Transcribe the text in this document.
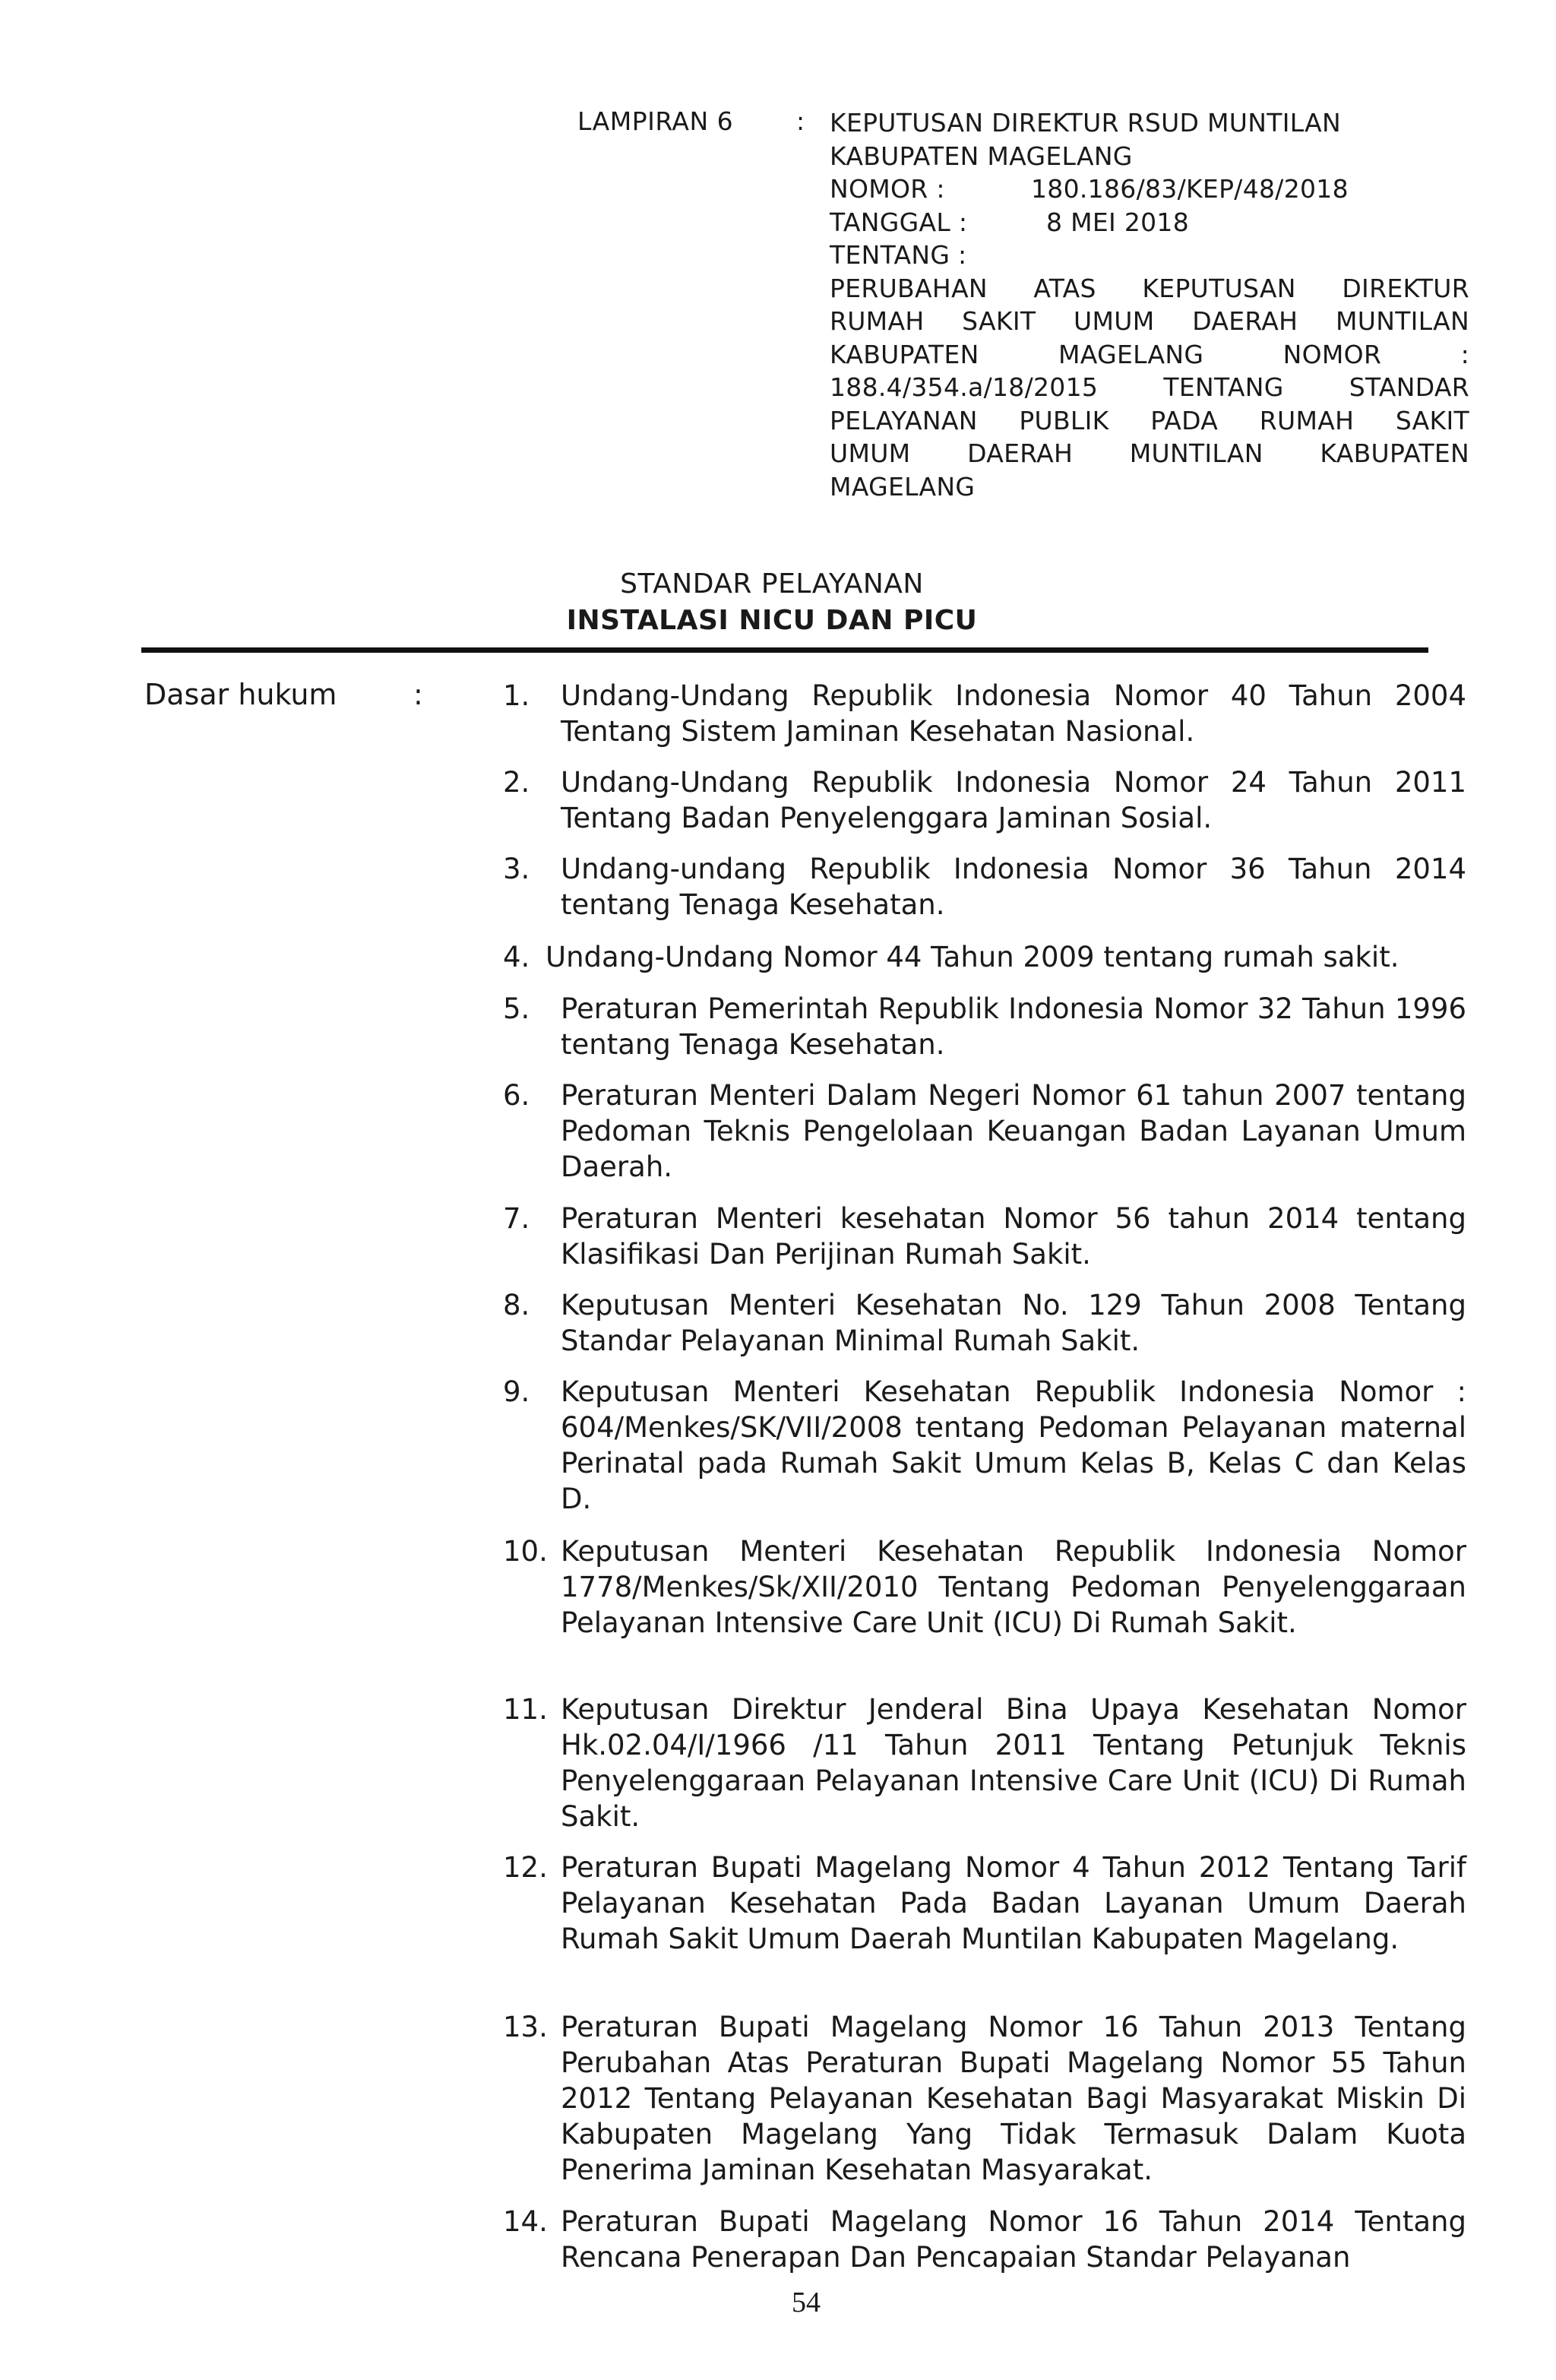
LAMPIRAN 6	: KEPUTUSAN DIREKTUR RSUD MUNTILAN
KABUPATEN MAGELANG
NOMOR :	180.186/83/KEP/48/2018
TANGGAL :	8 MEI 2018
TENTANG :
PERUBAHAN ATAS KEPUTUSAN DIREKTUR
RUMAH SAKIT UMUM DAERAH MUNTILAN
KABUPATEN MAGELANG NOMOR :
188.4/354.a/18/2015 TENTANG STANDAR
PELAYANAN PUBLIK PADA RUMAH SAKIT
UMUM DAERAH MUNTILAN KABUPATEN
MAGELANG
STANDAR PELAYANAN
INSTALASI NICU DAN PICU
Dasar hukum	:	1. Undang-Undang Republik Indonesia Nomor 40 Tahun 2004 Tentang Sistem Jaminan Kesehatan Nasional.
2. Undang-Undang Republik Indonesia Nomor 24 Tahun 2011 Tentang Badan Penyelenggara Jaminan Sosial.
3. Undang-undang Republik Indonesia Nomor 36 Tahun 2014 tentang Tenaga Kesehatan.
4. Undang-Undang Nomor 44 Tahun 2009 tentang rumah sakit.
5. Peraturan Pemerintah Republik Indonesia Nomor 32 Tahun 1996 tentang Tenaga Kesehatan.
6. Peraturan Menteri Dalam Negeri Nomor 61 tahun 2007 tentang Pedoman Teknis Pengelolaan Keuangan Badan Layanan Umum Daerah.
7. Peraturan Menteri kesehatan Nomor 56 tahun 2014 tentang Klasifikasi Dan Perijinan Rumah Sakit.
8. Keputusan Menteri Kesehatan No. 129 Tahun 2008 Tentang Standar Pelayanan Minimal Rumah Sakit.
9. Keputusan Menteri Kesehatan Republik Indonesia Nomor : 604/Menkes/SK/VII/2008 tentang Pedoman Pelayanan maternal Perinatal pada Rumah Sakit Umum Kelas B, Kelas C dan Kelas D.
10. Keputusan Menteri Kesehatan Republik Indonesia Nomor 1778/Menkes/Sk/XII/2010 Tentang Pedoman Penyelenggaraan Pelayanan Intensive Care Unit (ICU) Di Rumah Sakit.
11. Keputusan Direktur Jenderal Bina Upaya Kesehatan Nomor Hk.02.04/I/1966 /11 Tahun 2011 Tentang Petunjuk Teknis Penyelenggaraan Pelayanan Intensive Care Unit (ICU) Di Rumah Sakit.
12. Peraturan Bupati Magelang Nomor 4 Tahun 2012 Tentang Tarif Pelayanan Kesehatan Pada Badan Layanan Umum Daerah Rumah Sakit Umum Daerah Muntilan Kabupaten Magelang.
13. Peraturan Bupati Magelang Nomor 16 Tahun 2013 Tentang Perubahan Atas Peraturan Bupati Magelang Nomor 55 Tahun 2012 Tentang Pelayanan Kesehatan Bagi Masyarakat Miskin Di Kabupaten Magelang Yang Tidak Termasuk Dalam Kuota Penerima Jaminan Kesehatan Masyarakat.
14. Peraturan Bupati Magelang Nomor 16 Tahun 2014 Tentang Rencana Penerapan Dan Pencapaian Standar Pelayanan
54
